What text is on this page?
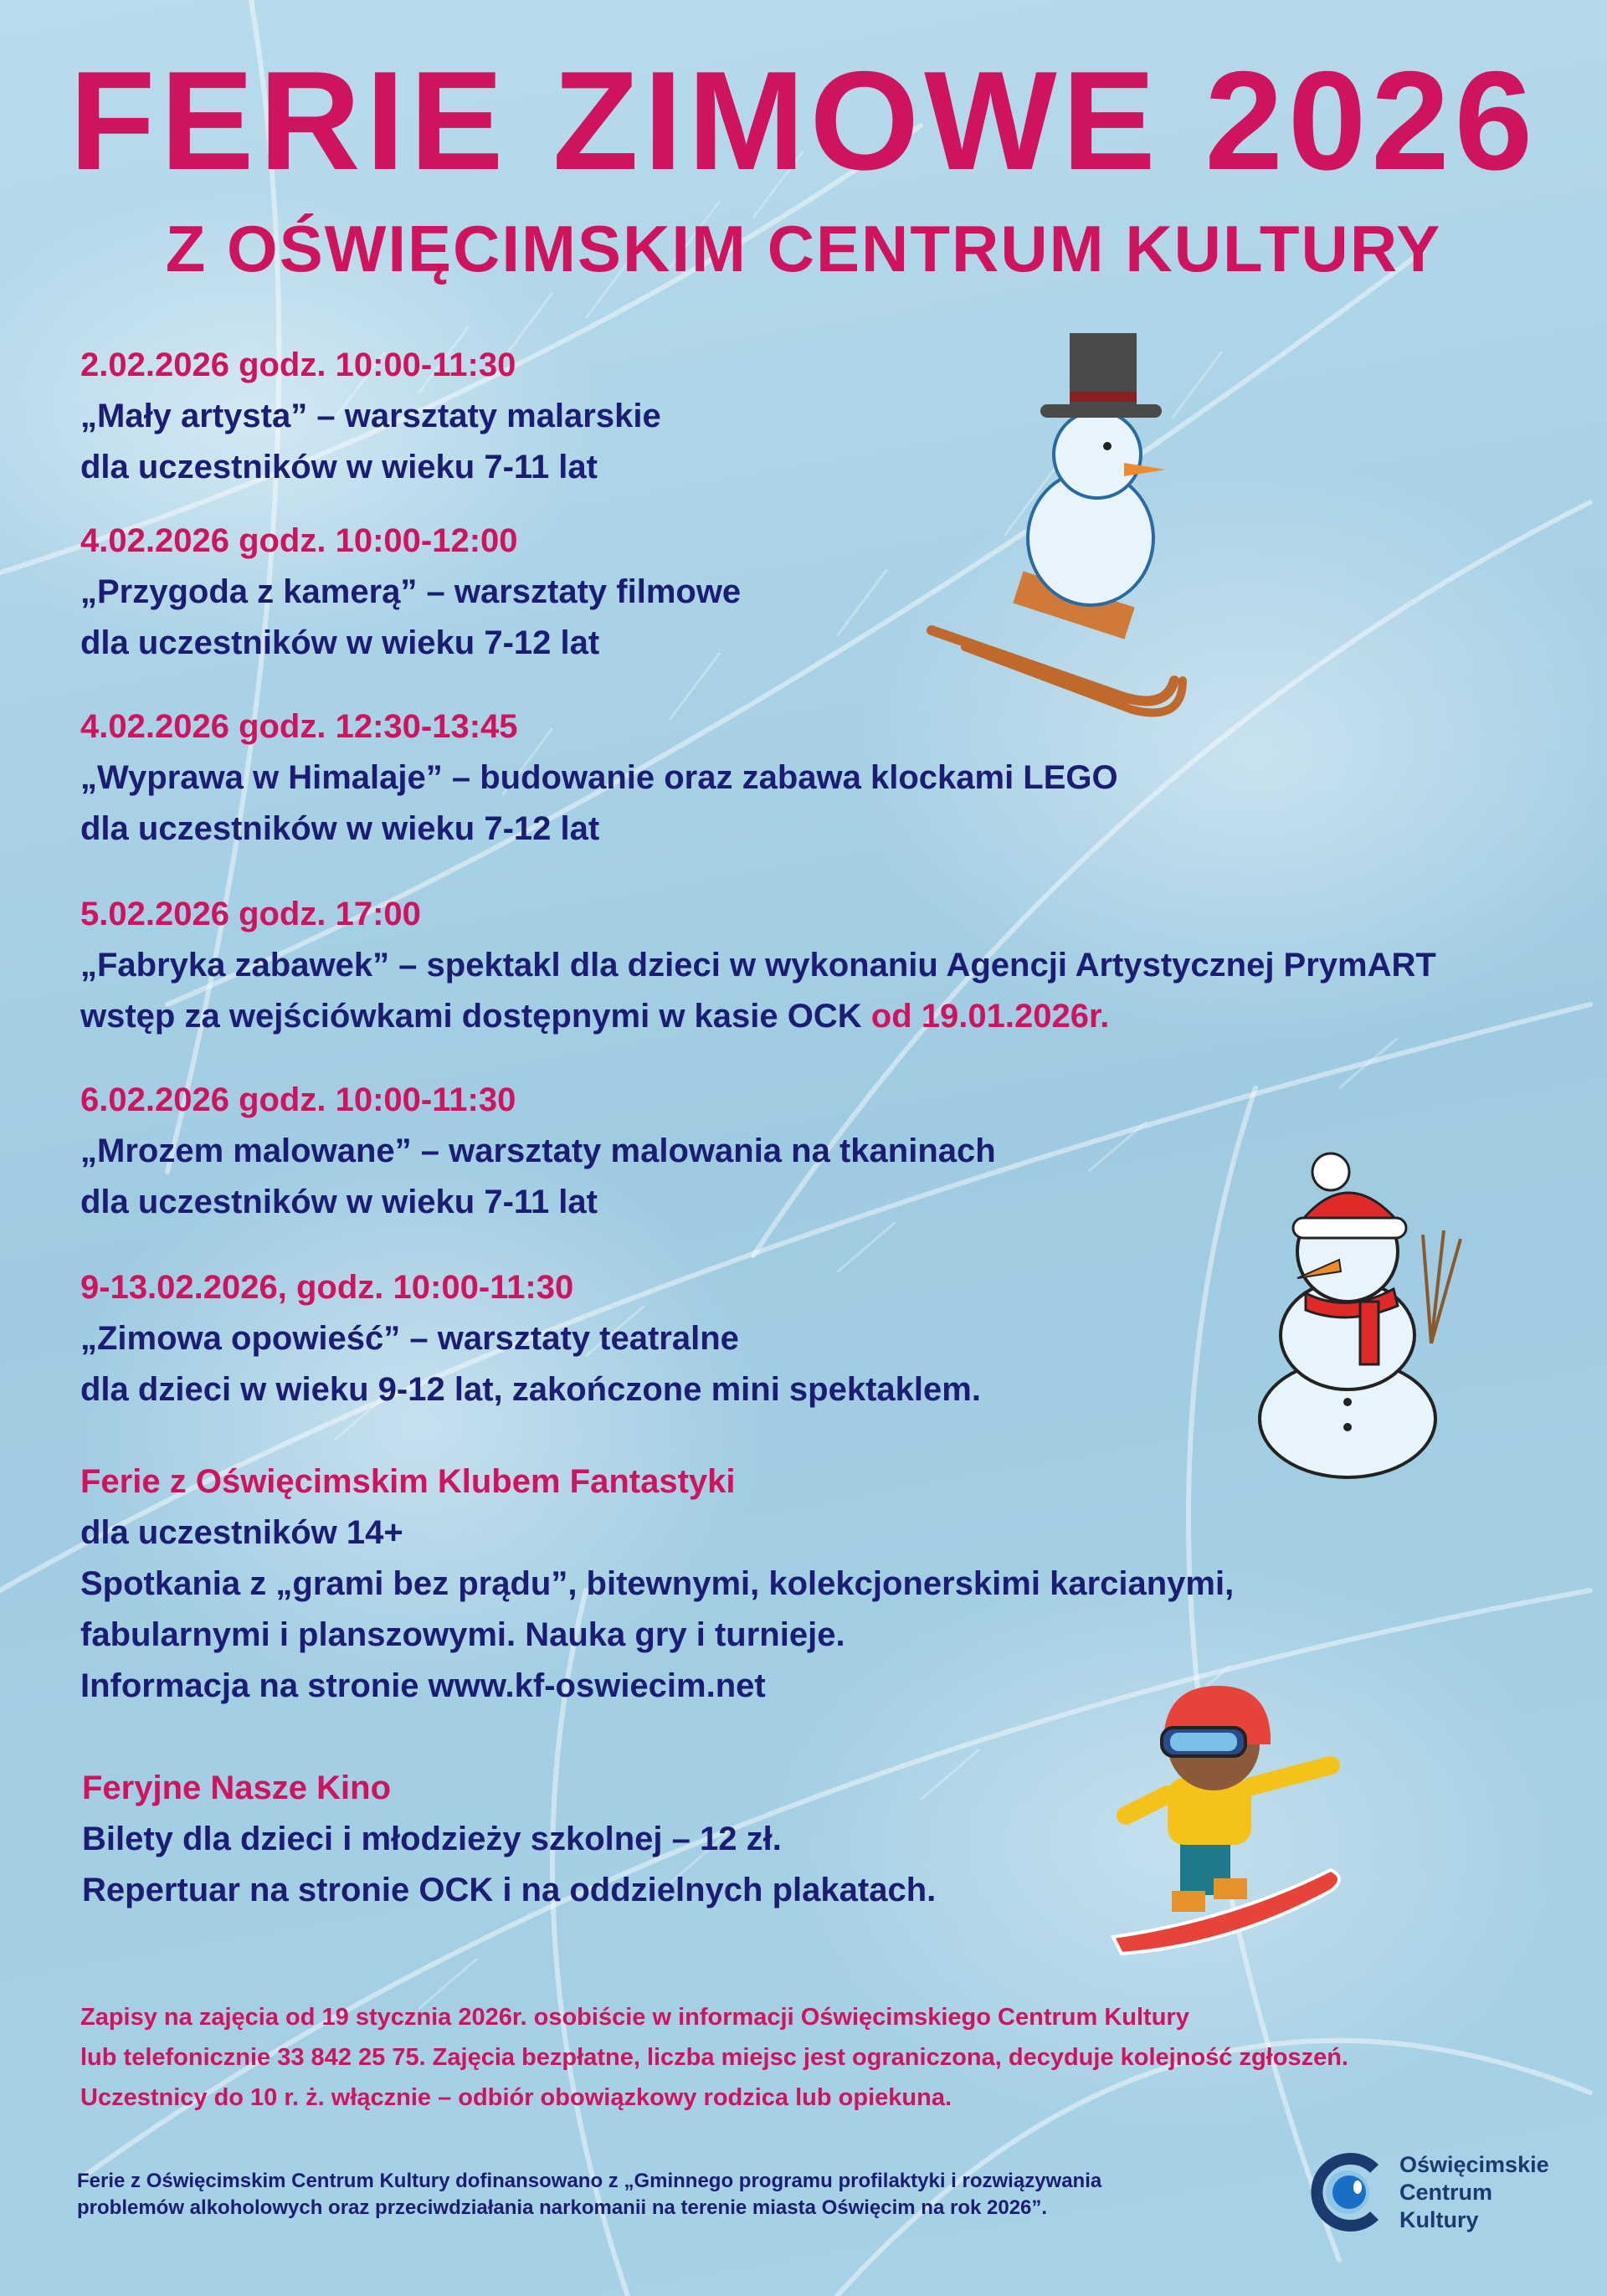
FERIE ZIMOWE 2026
Z OŚWIĘCIMSKIM CENTRUM KULTURY
2.02.2026 godz. 10:00-11:30
„Mały artysta” – warsztaty malarskie
dla uczestników w wieku 7-11 lat
4.02.2026 godz. 10:00-12:00
„Przygoda z kamerą” – warsztaty filmowe
dla uczestników w wieku 7-12 lat
4.02.2026 godz. 12:30-13:45
„Wyprawa w Himalaje” – budowanie oraz zabawa klockami LEGO
dla uczestników w wieku 7-12 lat
5.02.2026 godz. 17:00
„Fabryka zabawek” – spektakl dla dzieci w wykonaniu Agencji Artystycznej PrymART
wstęp za wejściówkami dostępnymi w kasie OCK od 19.01.2026r.
6.02.2026 godz. 10:00-11:30
„Mrozem malowane” – warsztaty malowania na tkaninach
dla uczestników w wieku 7-11 lat
9-13.02.2026, godz. 10:00-11:30
„Zimowa opowieść” – warsztaty teatralne
dla dzieci w wieku 9-12 lat, zakończone mini spektaklem.
Ferie z Oświęcimskim Klubem Fantastyki
dla uczestników 14+
Spotkania z „grami bez prądu”, bitewnymi, kolekcjonerskimi karcianymi,
fabularnymi i planszowymi. Nauka gry i turnieje.
Informacja na stronie www.kf-oswiecim.net
Feryjne Nasze Kino
Bilety dla dzieci i młodzieży szkolnej – 12 zł.
Repertuar na stronie OCK i na oddzielnych plakatach.
Zapisy na zajęcia od 19 stycznia 2026r. osobiście w informacji Oświęcimskiego Centrum Kultury
lub telefonicznie 33 842 25 75. Zajęcia bezpłatne, liczba miejsc jest ograniczona, decyduje kolejność zgłoszeń.
Uczestnicy do 10 r. ż. włącznie – odbiór obowiązkowy rodzica lub opiekuna.
Ferie z Oświęcimskim Centrum Kultury dofinansowano z „Gminnego programu profilaktyki i rozwiązywania
problemów alkoholowych oraz przeciwdziałania narkomanii na terenie miasta Oświęcim na rok 2026”.
Oświęcimskie
Centrum
Kultury
